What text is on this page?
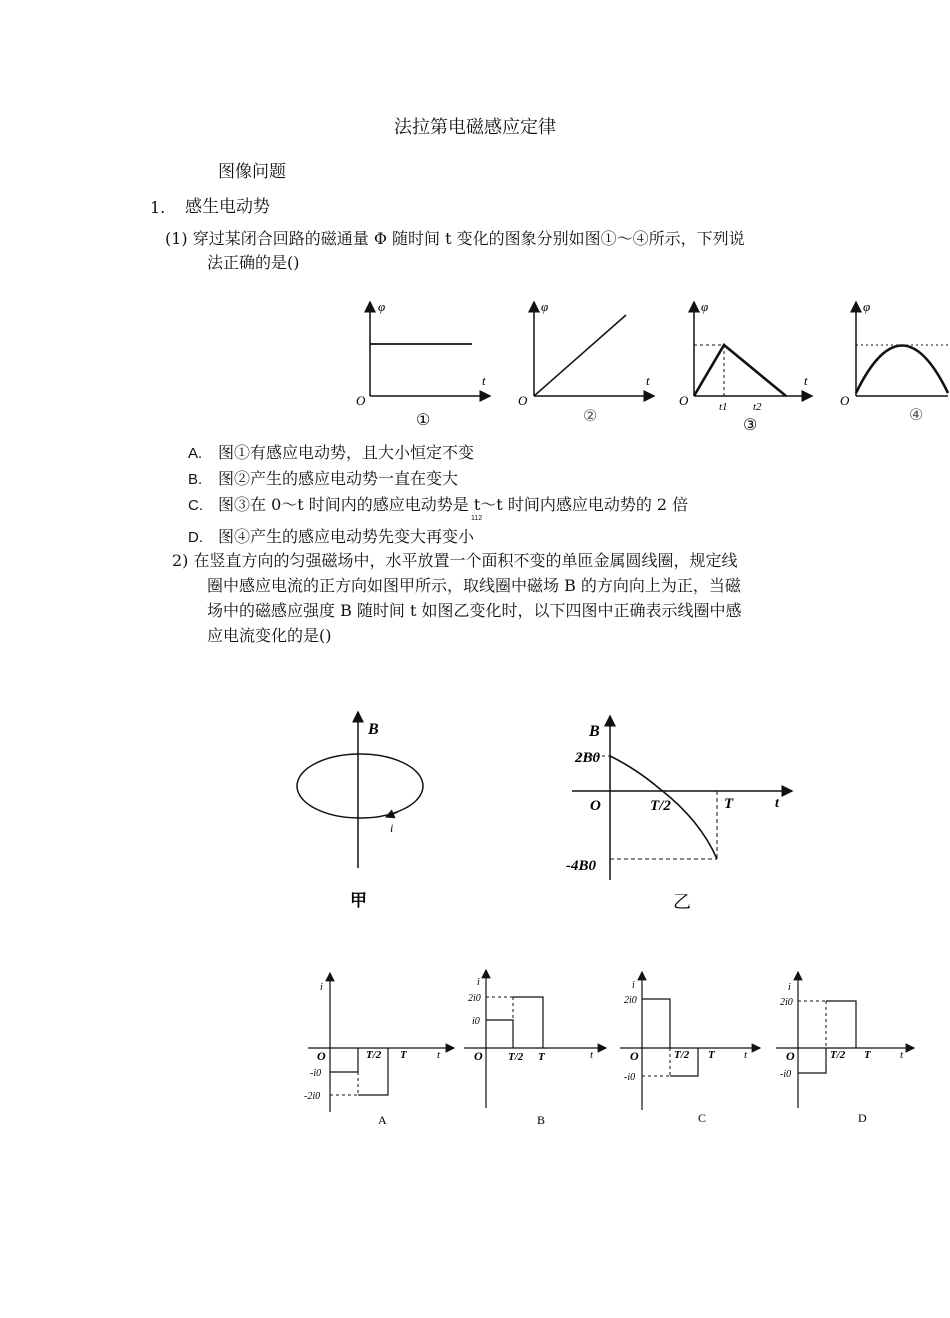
法拉第电磁感应定律
图像问题
1. 感生电动势
(1) 穿过某闭合回路的磁通量 Φ 随时间 t 变化的图象分别如图①～④所示，下列说
法正确的是()
A. 图①有感应电动势，且大小恒定不变
B. 图②产生的感应电动势一直在变大
C. 图③在 0～t 时间内的感应电动势是 t～t 时间内感应电动势的 2 倍
112
D. 图④产生的感应电动势先变大再变小
2) 在竖直方向的匀强磁场中，水平放置一个面积不变的单匝金属圆线圈，规定线
圈中感应电流的正方向如图甲所示，取线圈中磁场 B 的方向向上为正，当磁
场中的磁感应强度 B 随时间 t 如图乙变化时，以下四图中正确表示线圈中感
应电流变化的是()
φ
t
O
①
φ
t
O
②
φ
t
O	t1 t2
③
φ
O
④
B
i
甲
B
2B0
O	T/2	T	t
-4B0
乙
i
O	T/2 T	t
-i0
-2i0
A
i
2i0
i0
O T/2 T	t
B
i
2i0
O	T/2 T	t
-i0
C
i
2i0
O	T/2 T	t
-i0
D
